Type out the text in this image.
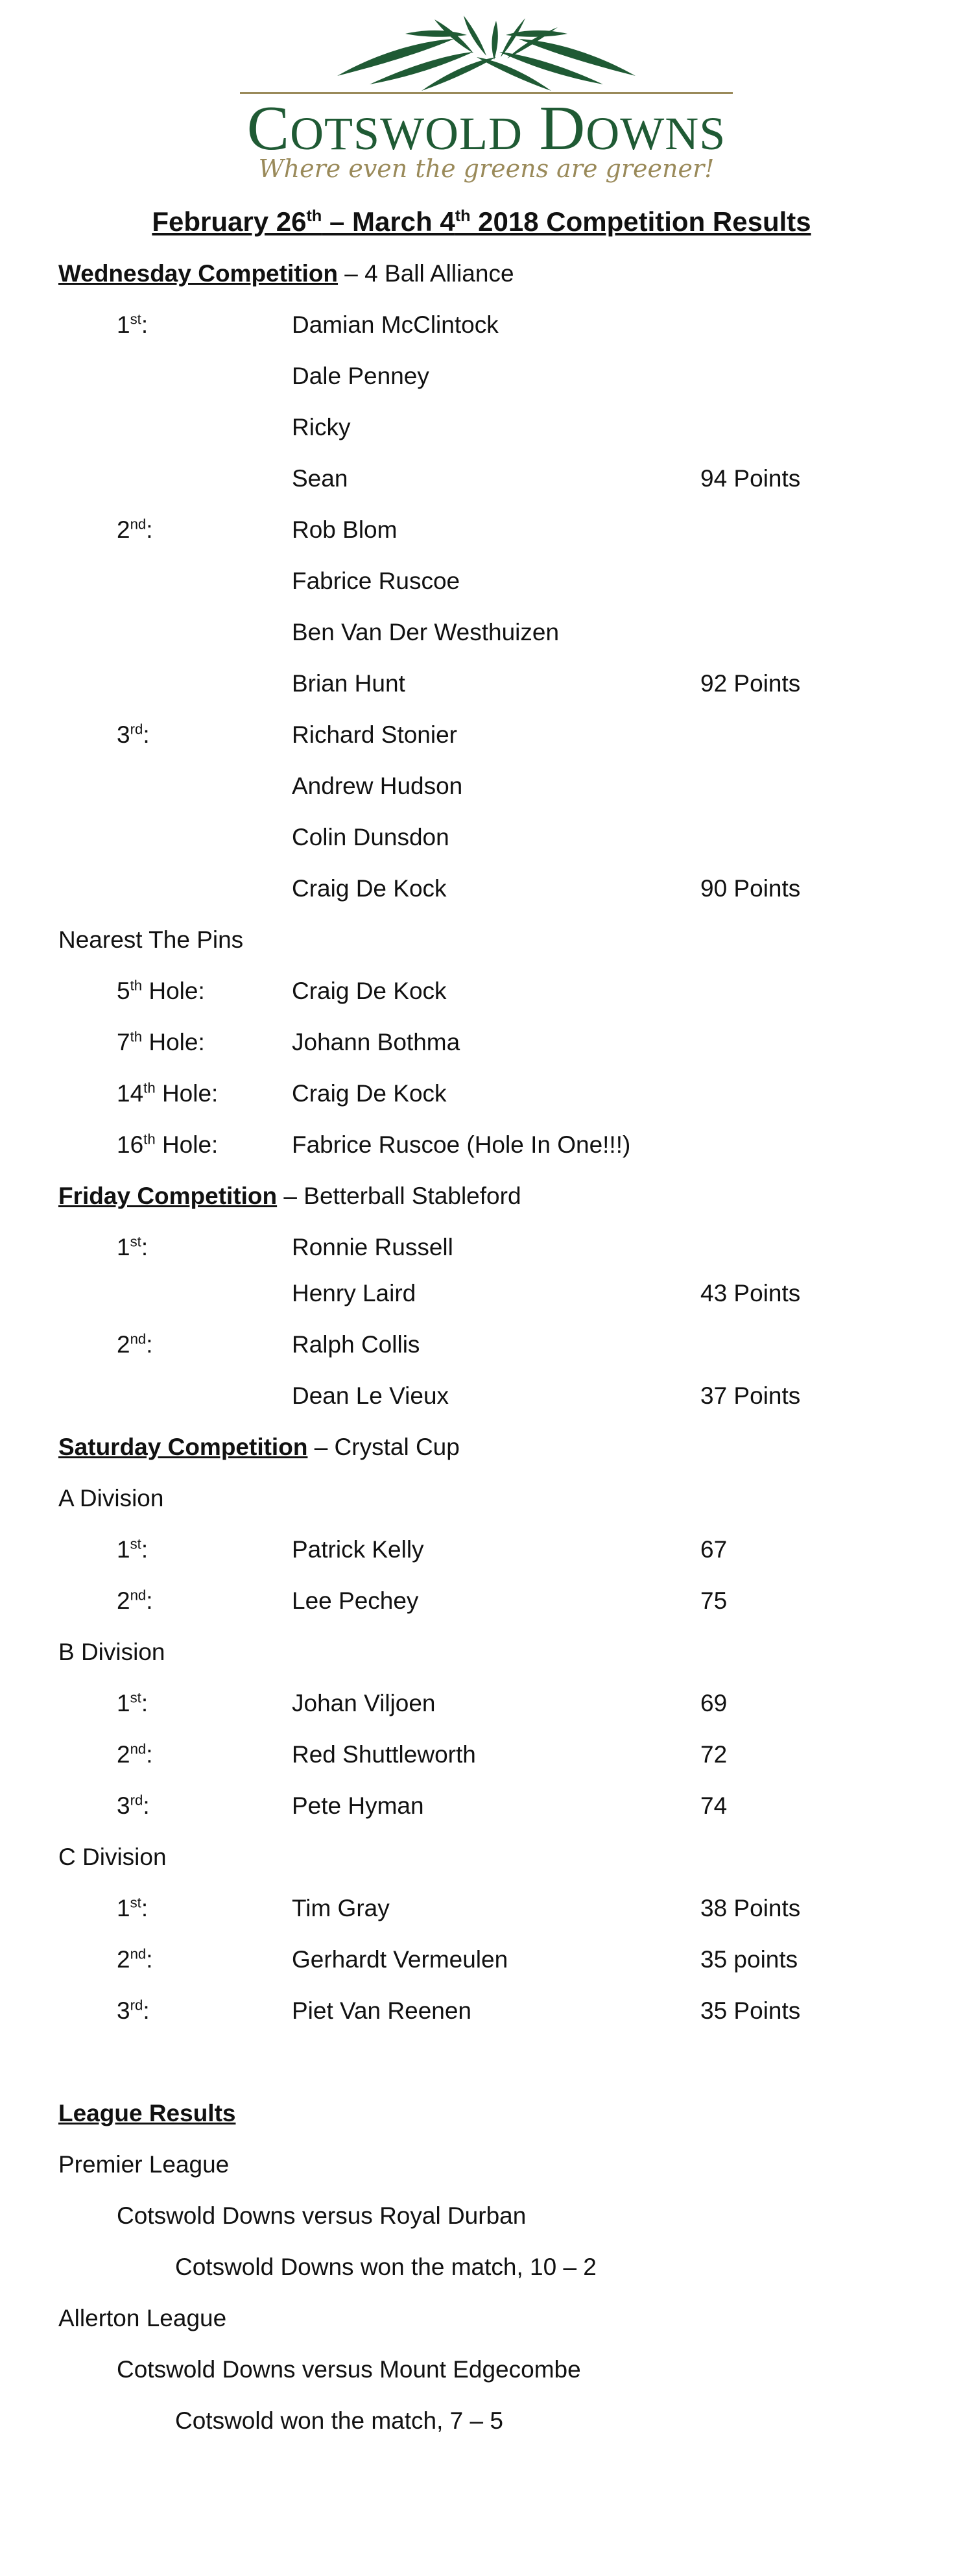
COTSWOLD DOWNS
Where even the greens are greener!
February 26th – March 4th 2018 Competition Results
Wednesday Competition – 4 Ball Alliance
1st:	Damian McClintock
Dale Penney
Ricky
Sean	94 Points
2nd:	Rob Blom
Fabrice Ruscoe
Ben Van Der Westhuizen
Brian Hunt	92 Points
3rd:	Richard Stonier
Andrew Hudson
Colin Dunsdon
Craig De Kock	90 Points
Nearest The Pins
5th Hole:	Craig De Kock
7th Hole:	Johann Bothma
14th Hole:	Craig De Kock
16th Hole:	Fabrice Ruscoe (Hole In One!!!)
Friday Competition – Betterball Stableford
1st:	Ronnie Russell
Henry Laird	43 Points
2nd:	Ralph Collis
Dean Le Vieux	37 Points
Saturday Competition – Crystal Cup
A Division
1st:	Patrick Kelly	67
2nd:	Lee Pechey	75
B Division
1st:	Johan Viljoen	69
2nd:	Red Shuttleworth	72
3rd:	Pete Hyman	74
C Division
1st:	Tim Gray	38 Points
2nd:	Gerhardt Vermeulen	35 points
3rd:	Piet Van Reenen	35 Points
League Results
Premier League
Cotswold Downs versus Royal Durban
Cotswold Downs won the match, 10 – 2
Allerton League
Cotswold Downs versus Mount Edgecombe
Cotswold won the match, 7 – 5
